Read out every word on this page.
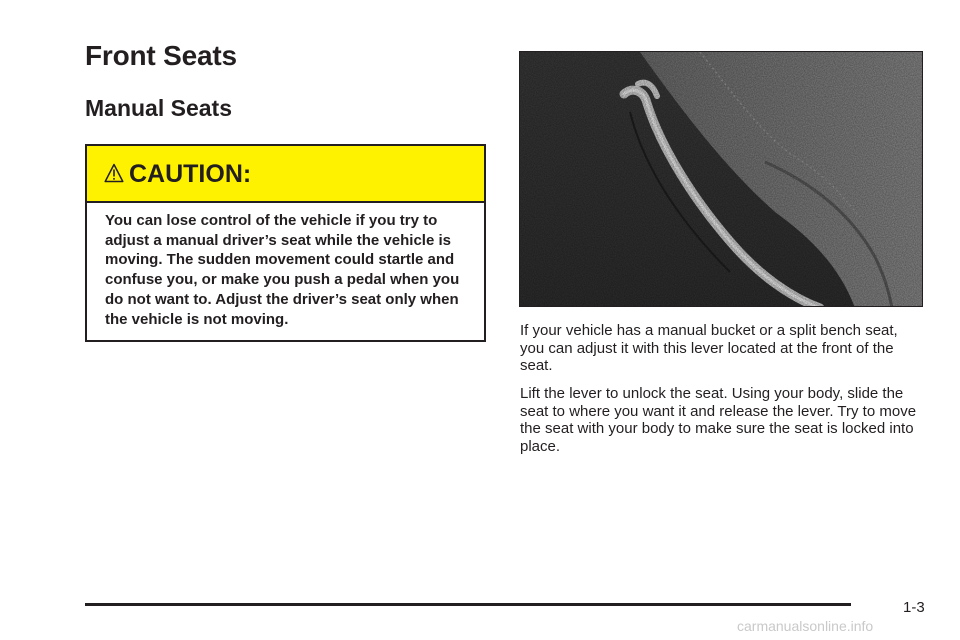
Front Seats
Manual Seats
CAUTION:
You can lose control of the vehicle if you try to adjust a manual driver’s seat while the vehicle is moving. The sudden movement could startle and confuse you, or make you push a pedal when you do not want to. Adjust the driver’s seat only when the vehicle is not moving.

If your vehicle has a manual bucket or a split bench seat, you can adjust it with this lever located at the front of the seat.

Lift the lever to unlock the seat. Using your body, slide the seat to where you want it and release the lever. Try to move the seat with your body to make sure the seat is locked into place.

1-3
carmanualsonline.info
